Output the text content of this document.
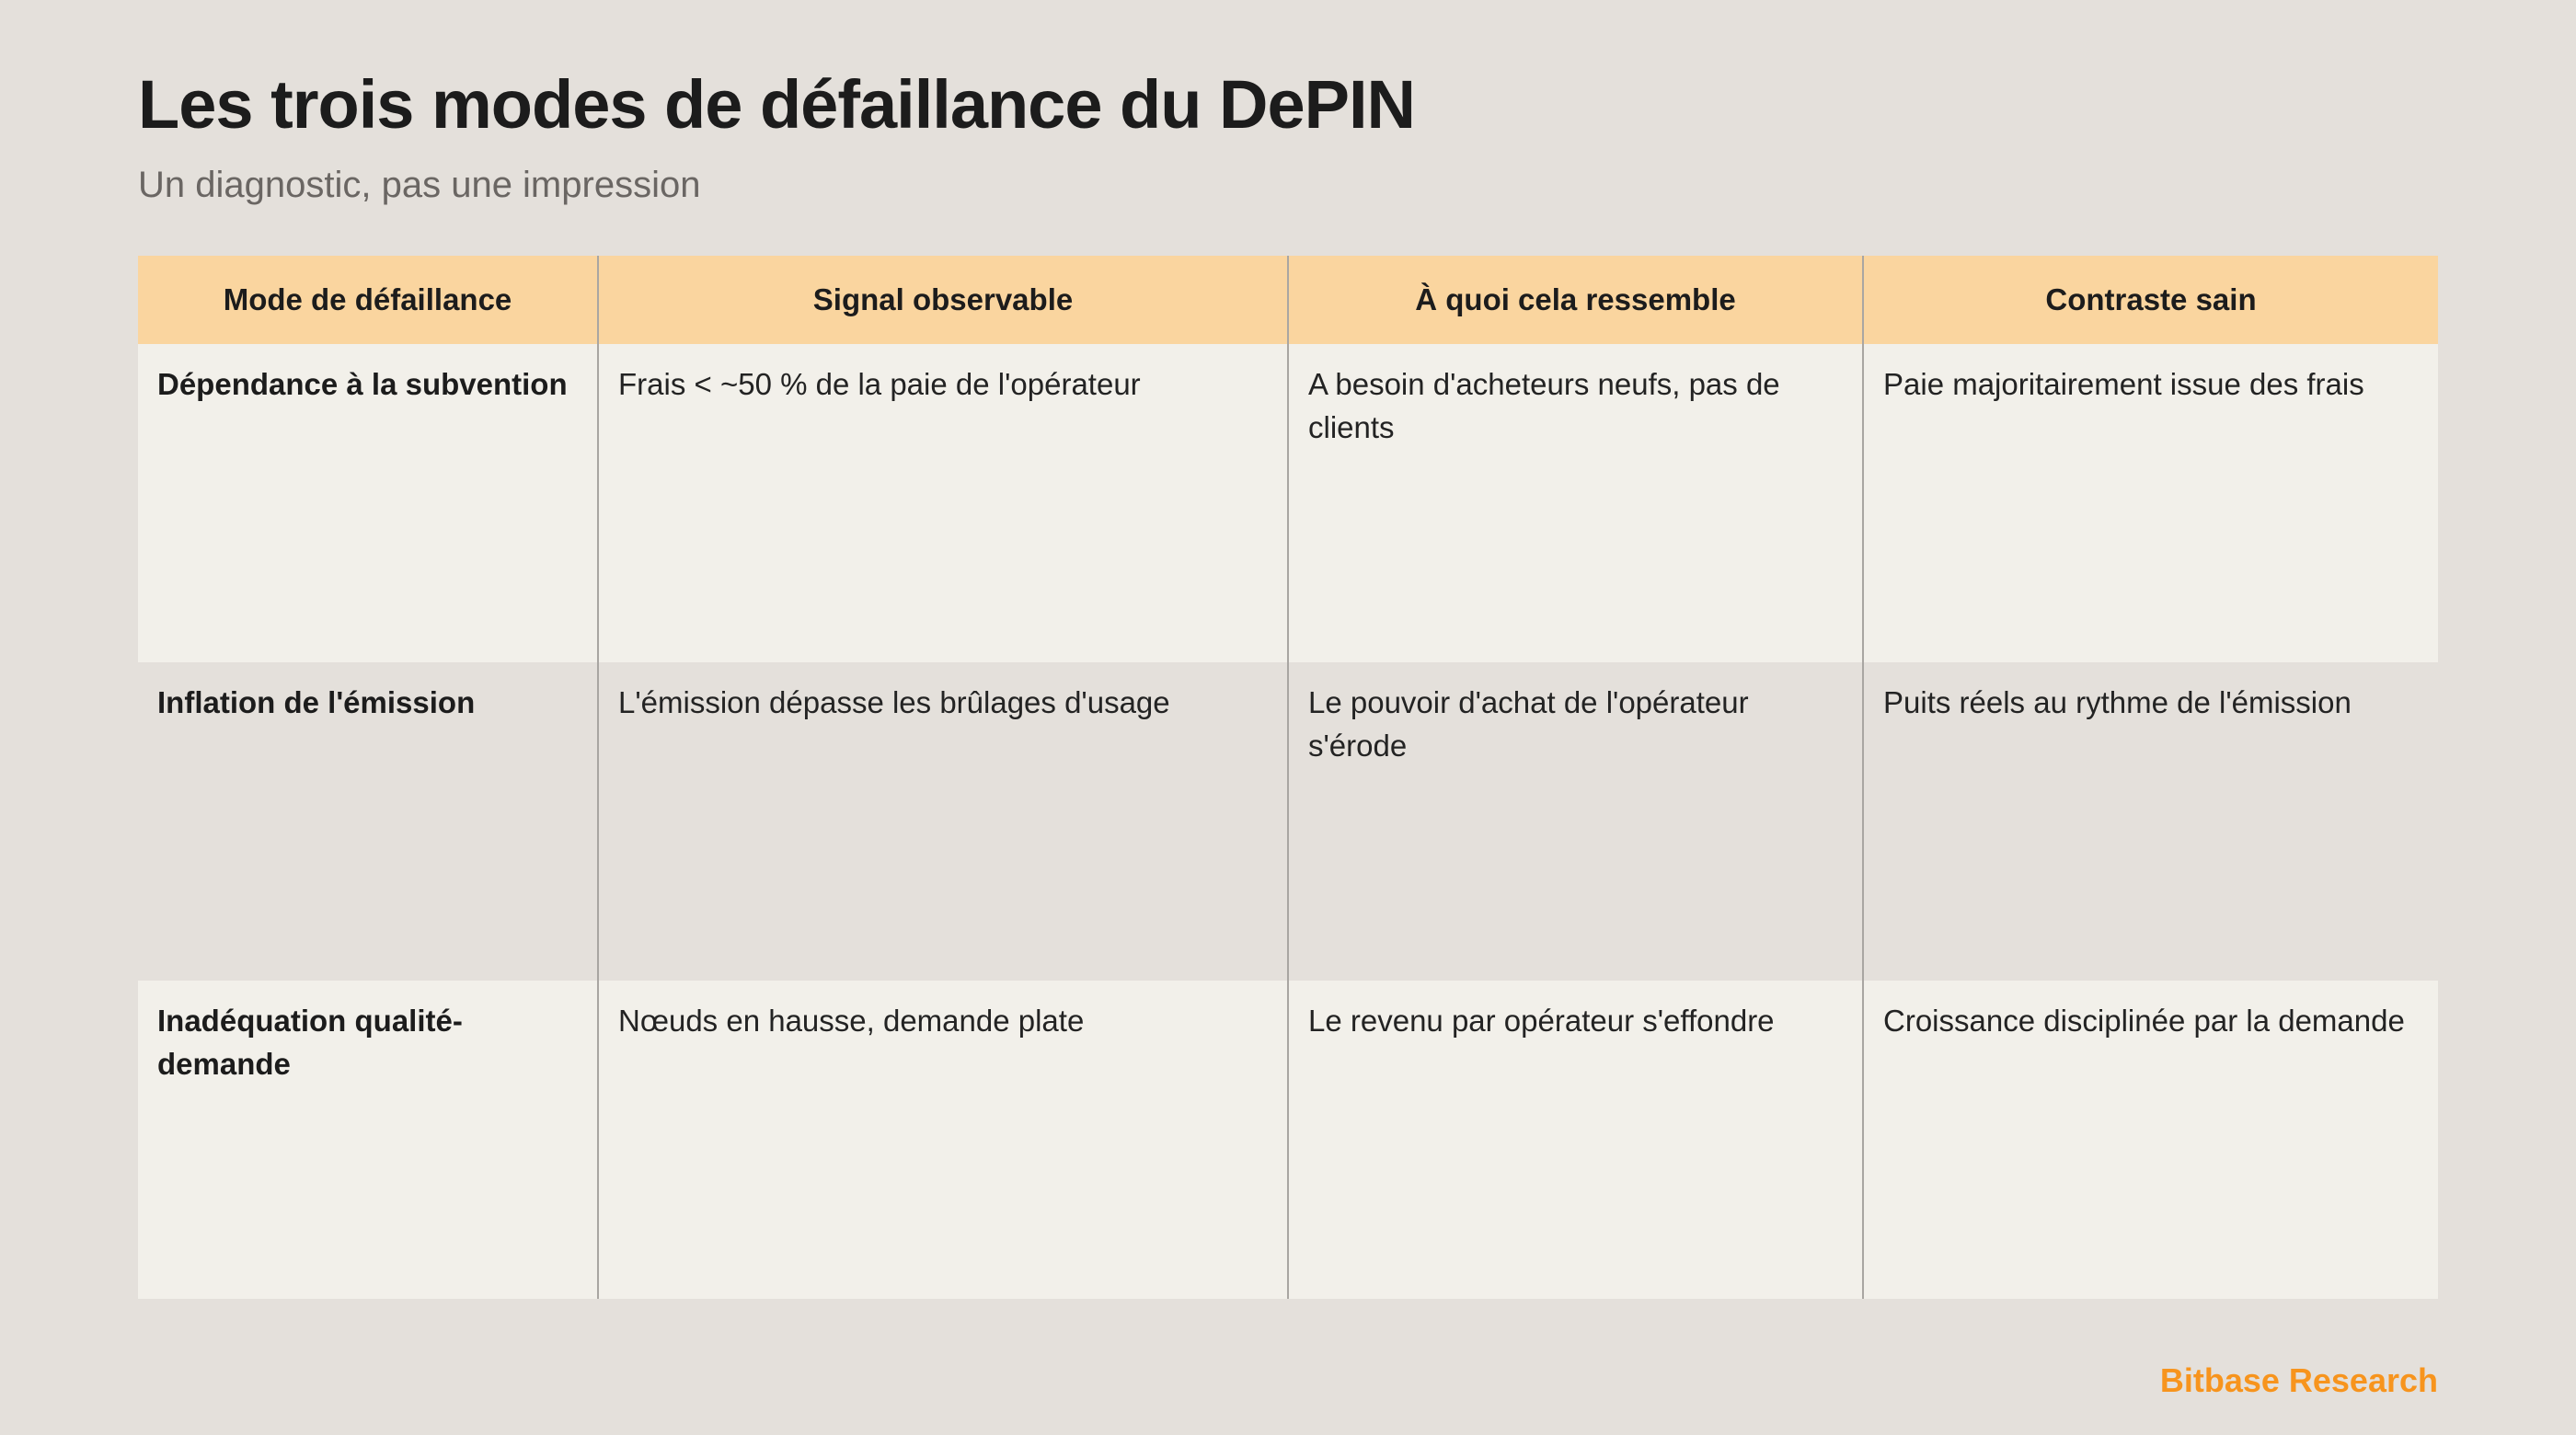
Les trois modes de défaillance du DePIN

Un diagnostic, pas une impression

Mode de défaillance	Signal observable	À quoi cela ressemble	Contraste sain
Dépendance à la subvention	Frais < ~50 % de la paie de l'opérateur	A besoin d'acheteurs neufs, pas de clients	Paie majoritairement issue des frais
Inflation de l'émission	L'émission dépasse les brûlages d'usage	Le pouvoir d'achat de l'opérateur s'érode	Puits réels au rythme de l'émission
Inadéquation qualité-demande	Nœuds en hausse, demande plate	Le revenu par opérateur s'effondre	Croissance disciplinée par la demande

Bitbase Research
